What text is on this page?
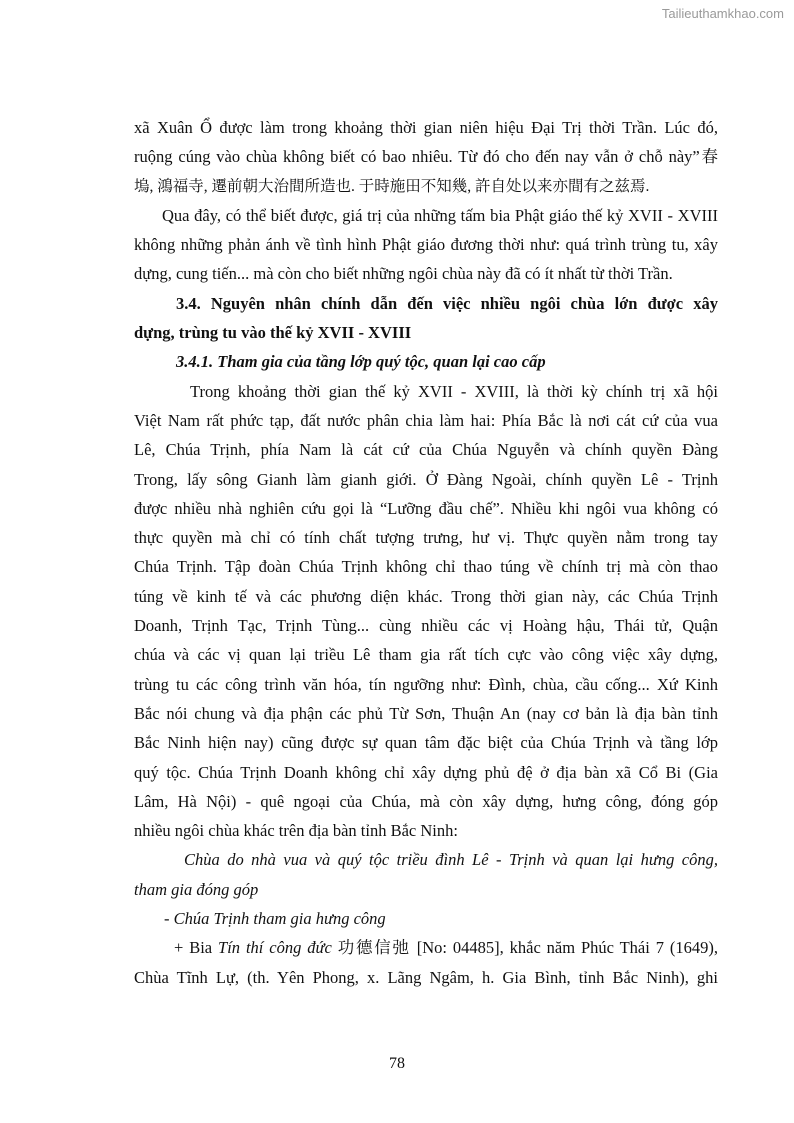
Tailieuthamkhao.com
xã Xuân Ổ được làm trong khoảng thời gian niên hiệu Đại Trị thời Trần. Lúc đó,
ruộng cúng vào chùa không biết có bao nhiêu. Từ đó cho đến nay vẫn ở chỗ này”春
塢, 鴻福寺, 遷前朝大治間所造也. 于時施田不知幾, 許自处以来亦間有之兹焉.
Qua đây, có thể biết được, giá trị của những tấm bia Phật giáo thế kỷ XVII - XVIII
không những phản ánh về tình hình Phật giáo đương thời như: quá trình trùng tu, xây
dựng, cung tiến... mà còn cho biết những ngôi chùa này đã có ít nhất từ thời Trần.
3.4. Nguyên nhân chính dẫn đến việc nhiều ngôi chùa lớn được xây
dựng, trùng tu vào thế kỷ XVII - XVIII
3.4.1. Tham gia của tầng lớp quý tộc, quan lại cao cấp
Trong khoảng thời gian thế kỷ XVII - XVIII, là thời kỳ chính trị xã hội
Việt Nam rất phức tạp, đất nước phân chia làm hai: Phía Bắc là nơi cát cứ của vua
Lê, Chúa Trịnh, phía Nam là cát cứ của Chúa Nguyễn và chính quyền Đàng
Trong, lấy sông Gianh làm gianh giới. Ở Đàng Ngoài, chính quyền Lê - Trịnh
được nhiều nhà nghiên cứu gọi là “Lưỡng đầu chế”. Nhiều khi ngôi vua không có
thực quyền mà chỉ có tính chất tượng trưng, hư vị. Thực quyền nằm trong tay
Chúa Trịnh. Tập đoàn Chúa Trịnh không chỉ thao túng về chính trị mà còn thao
túng về kinh tế và các phương diện khác. Trong thời gian này, các Chúa Trịnh
Doanh, Trịnh Tạc, Trịnh Tùng... cùng nhiều các vị Hoàng hậu, Thái tử, Quận
chúa và các vị quan lại triều Lê tham gia rất tích cực vào công việc xây dựng,
trùng tu các công trình văn hóa, tín ngưỡng như: Đình, chùa, cầu cống... Xứ Kinh
Bắc nói chung và địa phận các phủ Từ Sơn, Thuận An (nay cơ bản là địa bàn tỉnh
Bắc Ninh hiện nay) cũng được sự quan tâm đặc biệt của Chúa Trịnh và tầng lớp
quý tộc. Chúa Trịnh Doanh không chỉ xây dựng phủ đệ ở địa bàn xã Cổ Bi (Gia
Lâm, Hà Nội) - quê ngoại của Chúa, mà còn xây dựng, hưng công, đóng góp
nhiều ngôi chùa khác trên địa bàn tỉnh Bắc Ninh:
Chùa do nhà vua và quý tộc triều đình Lê - Trịnh và quan lại hưng công,
tham gia đóng góp
- Chúa Trịnh tham gia hưng công
+ Bia Tín thí công đức 功德信弛 [No: 04485], khắc năm Phúc Thái 7 (1649),
Chùa Tĩnh Lự, (th. Yên Phong, x. Lãng Ngâm, h. Gia Bình, tỉnh Bắc Ninh), ghi
78
